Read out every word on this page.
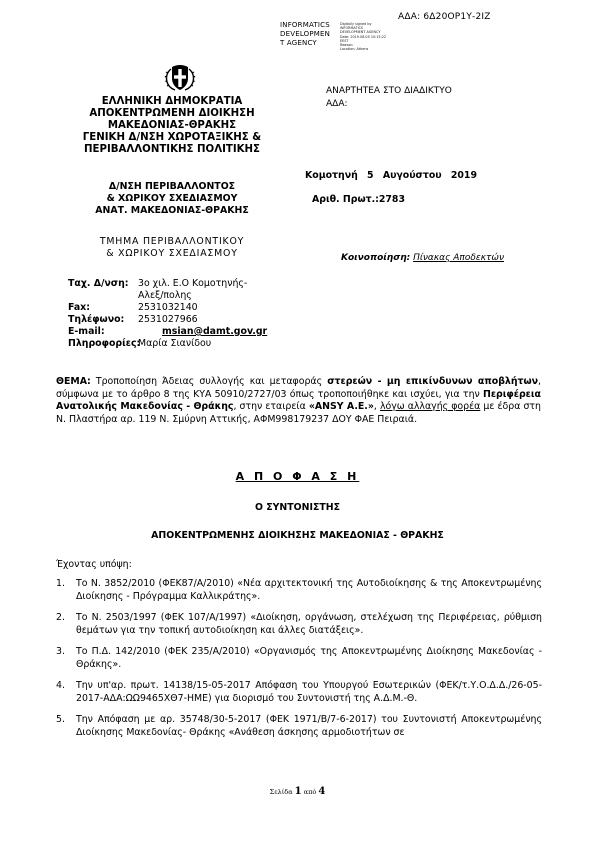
ΑΔΑ: 6Δ20ΟΡ1Υ-2ΙΖ
INFORMATICS
DEVELOPMEN
T AGENCY
Digitally signed by
INFORMATICS
DEVELOPMENT AGENCY
Date: 2019.08.05 10:15:22
EEST
Reason:
Location: Athens
ΕΛΛΗΝΙΚΗ ΔΗΜΟΚΡΑΤΙΑ
ΑΠΟΚΕΝΤΡΩΜΕΝΗ ΔΙΟΙΚΗΣΗ
ΜΑΚΕΔΟΝΙΑΣ-ΘΡΑΚΗΣ
ΓΕΝΙΚΗ Δ/ΝΣΗ ΧΩΡΟΤΑΞΙΚΗΣ &
ΠΕΡΙΒΑΛΛΟΝΤΙΚΗΣ ΠΟΛΙΤΙΚΗΣ
Δ/ΝΣΗ ΠΕΡΙΒΑΛΛΟΝΤΟΣ
& ΧΩΡΙΚΟΥ ΣΧΕΔΙΑΣΜΟΥ
ΑΝΑΤ. ΜΑΚΕΔΟΝΙΑΣ-ΘΡΑΚΗΣ
ΤΜΗΜΑ ΠΕΡΙΒΑΛΛΟΝΤΙΚΟΥ
& ΧΩΡΙΚΟΥ ΣΧΕΔΙΑΣΜΟΥ
ΑΝΑΡΤΗΤΕΑ ΣΤΟ ΔΙΑΔΙΚΤΥΟ
ΑΔΑ:
Κομοτηνή 5 Αυγούστου 2019
Αριθ. Πρωτ.:2783
Κοινοποίηση: Πίνακας Αποδεκτών
Ταχ. Δ/νση:	3ο χιλ. Ε.Ο Κομοτηνής-
Αλεξ/πολης
Fax:	2531032140
Τηλέφωνο:	2531027966
E-mail:	msian@damt.gov.gr
Πληροφορίες:
Μαρία Σιανίδου
ΘΕΜΑ: Τροποποίηση Άδειας συλλογής και μεταφοράς στερεών - μη επικίνδυνων αποβλήτων, σύμφωνα με το άρθρο 8 της ΚΥΑ 50910/2727/03 όπως τροποποιήθηκε και ισχύει, για την Περιφέρεια Ανατολικής Μακεδονίας - Θράκης, στην εταιρεία «ANSY A.E.», λόγω αλλαγής φορέα με έδρα στη Ν. Πλαστήρα αρ. 119 Ν. Σμύρνη Αττικής, ΑΦΜ998179237 ΔΟΥ ΦΑΕ Πειραιά.
Α Π Ο Φ Α Σ Η
Ο ΣΥΝΤΟΝΙΣΤΗΣ
ΑΠΟΚΕΝΤΡΩΜΕΝΗΣ ΔΙΟΙΚΗΣΗΣ ΜΑΚΕΔΟΝΙΑΣ - ΘΡΑΚΗΣ
Έχοντας υπόψη:
1.	Το Ν. 3852/2010 (ΦΕΚ87/Α/2010) «Νέα αρχιτεκτονική της Αυτοδιοίκησης & της Αποκεντρωμένης Διοίκησης - Πρόγραμμα Καλλικράτης».
2.	Το Ν. 2503/1997 (ΦΕΚ 107/Α/1997) «Διοίκηση, οργάνωση, στελέχωση της Περιφέρειας, ρύθμιση θεμάτων για την τοπική αυτοδιοίκηση και άλλες διατάξεις».
3.	Το Π.Δ. 142/2010 (ΦΕΚ 235/Α/2010) «Οργανισμός της Αποκεντρωμένης Διοίκησης Μακεδονίας - Θράκης».
4.	Την υπ'αρ. πρωτ. 14138/15-05-2017 Απόφαση του Υπουργού Εσωτερικών (ΦΕΚ/τ.Υ.Ο.Δ.Δ./26-05-2017-ΑΔΑ:ΩΩ9465ΧΘ7-ΗΜΕ) για διορισμό του Συντονιστή της Α.Δ.Μ.-Θ.
5.	Την Απόφαση με αρ. 35748/30-5-2017 (ΦΕΚ 1971/Β/7-6-2017) του Συντονιστή Αποκεντρωμένης Διοίκησης Μακεδονίας- Θράκης «Ανάθεση άσκησης αρμοδιοτήτων σε
Σελίδα 1 από 4
